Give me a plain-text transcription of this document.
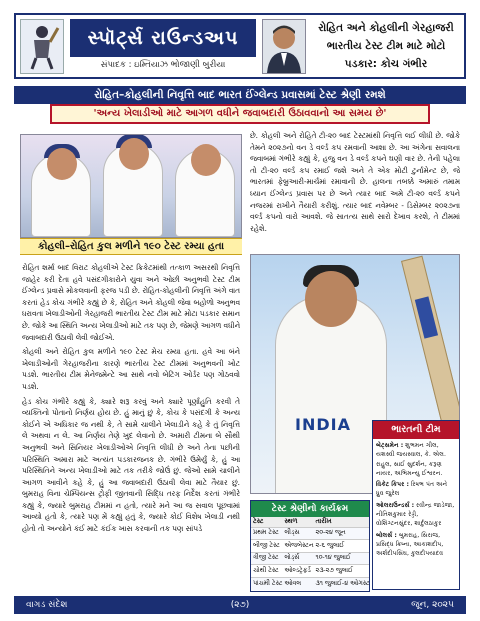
સ્પૉર્ટ્સ રાઉન્ડઅપ
સંપાદક : ઇમ્તિયાઝ ભોજાણી બુરીયા
રોહિત અને કોહલીની ગેરહાજરી
ભારતીય ટેસ્ટ ટીમ માટે મોટો
પડકાર: કોચ ગંભીર
રોહિત–કોહલીની નિવૃત્તિ બાદ ભારત ઈંગ્લેન્ડ પ્રવાસમાં ટેસ્ટ શ્રેણી રમશે
'અન્ય ખેલાડીઓ માટે આગળ વધીને જવાબદારી ઉઠાવવાનો આ સમય છે'
કોહલી–રોહિત કુલ મળીને ૧૯૦ ટેસ્ટ રમ્યા હતા

રોહિત શર્મા બાદ વિરાટ કોહલીએ ટેસ્ટ ક્રિકેટમાંથી તત્કાળ અસરથી નિવૃત્તિ જાહેર કરી દેતા હવે પસંદગીકારોને યુવા અને ઓછી અનુભવી ટેસ્ટ ટીમ ઈંગ્લેન્ડ પ્રવાસે મોકલવાની ફરજ પડી છે. રોહિત-કોહલીની નિવૃત્તિ અંગે વાત કરતાં હેડ કોચ ગંભીરે કહ્યું છે કે, રોહિત અને કોહલી જેવા બહોળો અનુભવ ધરાવતા ખેલાડીઓની ગેરહાજરી ભારતીય ટેસ્ટ ટીમ માટે મોટા પડકાર સમાન છે. જોકે આ સ્થિતિ અન્ય ખેલાડીઓ માટે તક પણ છે, જેમણે આગળ વધીને જવાબદારી ઉઠાવી લેવી જોઈએ.

કોહલી અને રોહિત કુલ મળીને ૧૯૦ ટેસ્ટ મેચ રમ્યા હતા. હવે આ બંને ખેલાડીઓની ગેરહાજરીના કારણે ભારતીય ટેસ્ટ ટીમમાં અનુભવની ખોટ પડશે. ભારતીય ટીમ મેનેજમેન્ટે આ સાથે નવો બેટિંગ ઓર્ડર પણ ગોઠવવો પડશે.

હેડ કોચ ગંભીરે કહ્યું કે, ક્યારે શરૂ કરવું અને ક્યારે પૂર્ણાહુતિ કરવી તે વ્યક્તિનો પોતાનો નિર્ણય હોય છે. હું માનું છું કે, કોચ કે પસંદગી કે અન્ય કોઈને એ અધિકાર જ નથી કે, તે સામે ચાલીને ખેલાડીને કહે કે તું નિવૃત્તિ લે અથવા ન લે. આ નિર્ણય તેણે ખુદ લેવાનો છે. અમારી ટીમના બે સૌથી અનુભવી અને સિનિયર ખેલાડીઓએ નિવૃત્તિ લીધી છે અને તેના પછીની પરિસ્થિતિ અમારા માટે અત્યંત પડકારજનક છે. ગંભીરે ઉમેર્યું કે, હું આ પરિસ્થિતિને અન્ય ખેલાડીઓ માટે તક તરીકે જોઉં છું. જેઓ સામે ચાલીને આગળ આવીને કહે કે, હું આ જવાબદારી ઉઠાવી લેવા માટે તૈયાર છું. બુમરાહ વિના ચેમ્પિયન્સ ટ્રોફી જીતવાની સિદ્ધિ તરફ નિર્દેશ કરતાં ગંભીરે કહ્યું કે, જ્યારે બુમરાહ ટીમમાં ન હતો, ત્યારે મને આ જ સવાલ પૂછવામાં આવ્યો હતો કે, ત્યારે પણ મેં કહ્યું હતું કે, જ્યારે કોઈ વિશેષ ખેલાડી નથી હોતો તો અન્યોને કંઈ માટે કંઈક ખાસ કરવાની તક પણ સાંપડે

છે. કોહલી અને રોહિતે ટી-૨૦ બાદ ટેસ્ટમાંથી નિવૃત્તિ લઈ લીધી છે. જોકે તેમને ૨૦૨૭નો વન ડે વર્લ્ડ કપ રમવાની આશા છે. આ અંગેના સવાલના જવાબમાં ગંભીરે કહ્યું કે, હજુ વન ડે વર્લ્ડ કપને ઘણી વાર છે. તેની પહેલા તો ટી-૨૦ વર્લ્ડ કપ રમાઈ જશે અને તે એક મોટી ટુર્નામેન્ટ છે, જે ભારતમાં ફેબ્રુઆરી-માર્ચમાં રમાવાની છે. હાલના તબક્કે અમારું તમામ ધ્યાન ઈંગ્લેન્ડ પ્રવાસ પર છે અને ત્યાર બાદ અમે ટી-૨૦ વર્લ્ડ કપને નજરમાં રાખીને તૈયારી કરીશું. ત્યાર બાદ નવેમ્બર - ડિસેમ્બર ૨૦૨૭ના વર્લ્ડ કપનો વારો આવશે. જે સાતત્ય સાથે સારો દેખાવ કરશે, તે ટીમમાં રહેશે.

INDIA	ભારતની ટીમ

બેટ્સમેન : શુભમન ગીલ, યશસ્વી જયસ્વાલ, કે. એલ. રાહુલ, સાઈ સુદર્શન, કરૂણ નાયર, અભિમન્યુ ઈશ્વરન.

વિકેટ કિપર : રિષભ પંત અને ધ્રુવ જુરેલ

ઓલરાઉન્ડર્સ : રવીન્દ્ર જાડેજા, નીતિશકુમાર રેડ્ડી, વોશિંગ્ટનસુંદર, શાર્દુલઠાકુર

બોલર્સ : બુમરાહ, સિરાજ, પ્રસિદ્ધ ક્રિષ્ના, આકાશદીપ, અર્શદીપસિંઘ, કુલદીપયાદવ

ટેસ્ટ શ્રેણીનો કાર્યક્રમ
ટેસ્ટ	સ્થળ	તારીખ
પ્રથમ ટેસ્ટ	લીડ્સ	૨૦-૨૪ જૂન
બીજી ટેસ્ટ	એજબેસ્ટન	૨-૬ જુલાઈ
ત્રીજી ટેસ્ટ	લોર્ડ્સ	૧૦-૧૪ જુલાઈ
ચોથી ટેસ્ટ	ઓલ્ડટ્રેફર્ડ	૨૩-૨૭ જુલાઈ
પાંચમી ટેસ્ટ	ઓવલ	૩૧ જુલાઈ-૪ ઓગસ્ટ
વાગડ સંદેશ	(૨૭)	જૂન, ૨૦૨૫
